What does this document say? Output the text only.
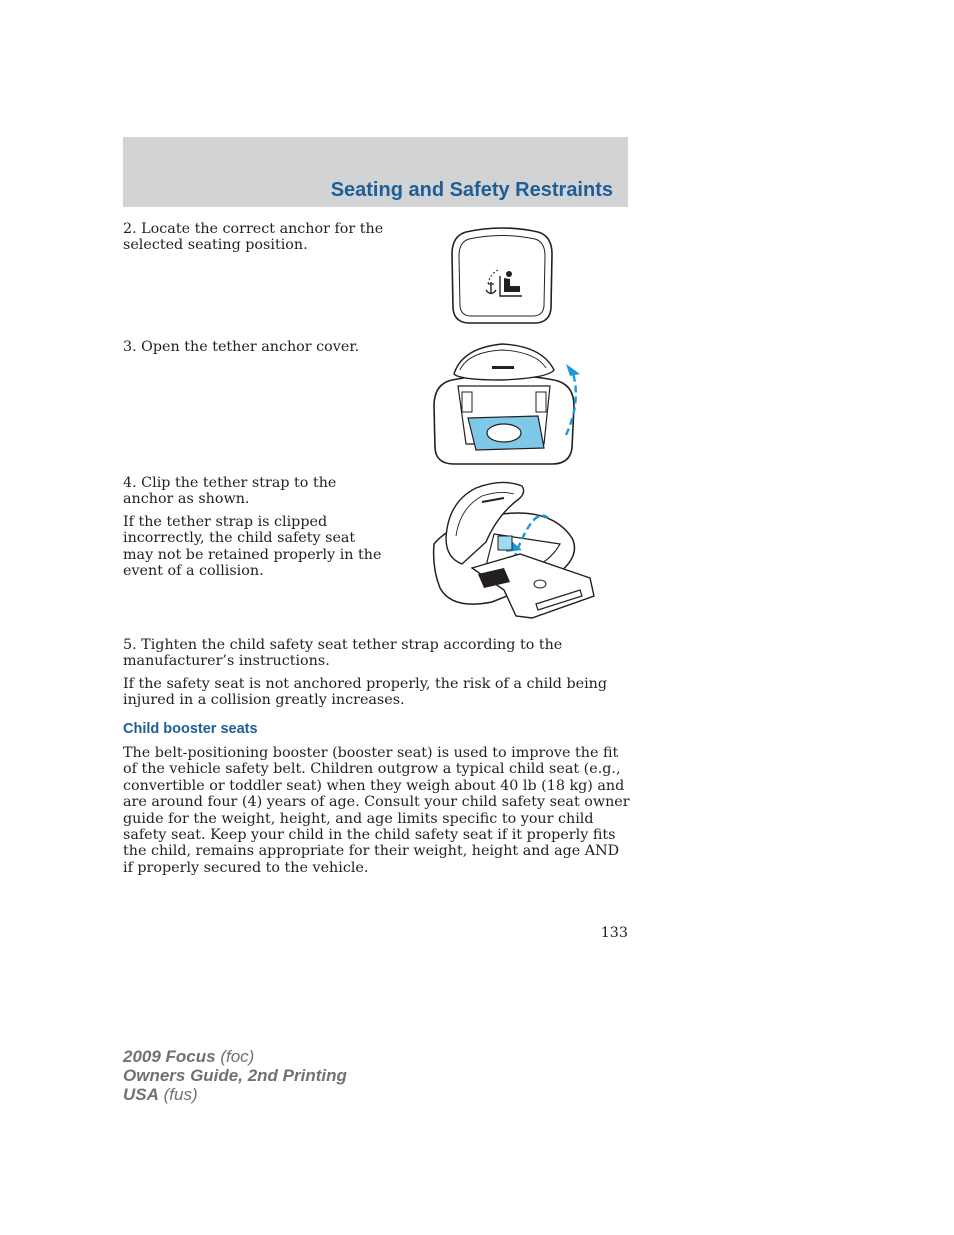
Seating and Safety Restraints

2. Locate the correct anchor for the selected seating position.

3. Open the tether anchor cover.

4. Clip the tether strap to the anchor as shown.

If the tether strap is clipped incorrectly, the child safety seat may not be retained properly in the event of a collision.

5. Tighten the child safety seat tether strap according to the manufacturer’s instructions.

If the safety seat is not anchored properly, the risk of a child being injured in a collision greatly increases.

Child booster seats

The belt-positioning booster (booster seat) is used to improve the fit of the vehicle safety belt. Children outgrow a typical child seat (e.g., convertible or toddler seat) when they weigh about 40 lb (18 kg) and are around four (4) years of age. Consult your child safety seat owner guide for the weight, height, and age limits specific to your child safety seat. Keep your child in the child safety seat if it properly fits the child, remains appropriate for their weight, height and age AND if properly secured to the vehicle.

133
2009 Focus (foc)
Owners Guide, 2nd Printing
USA (fus)
